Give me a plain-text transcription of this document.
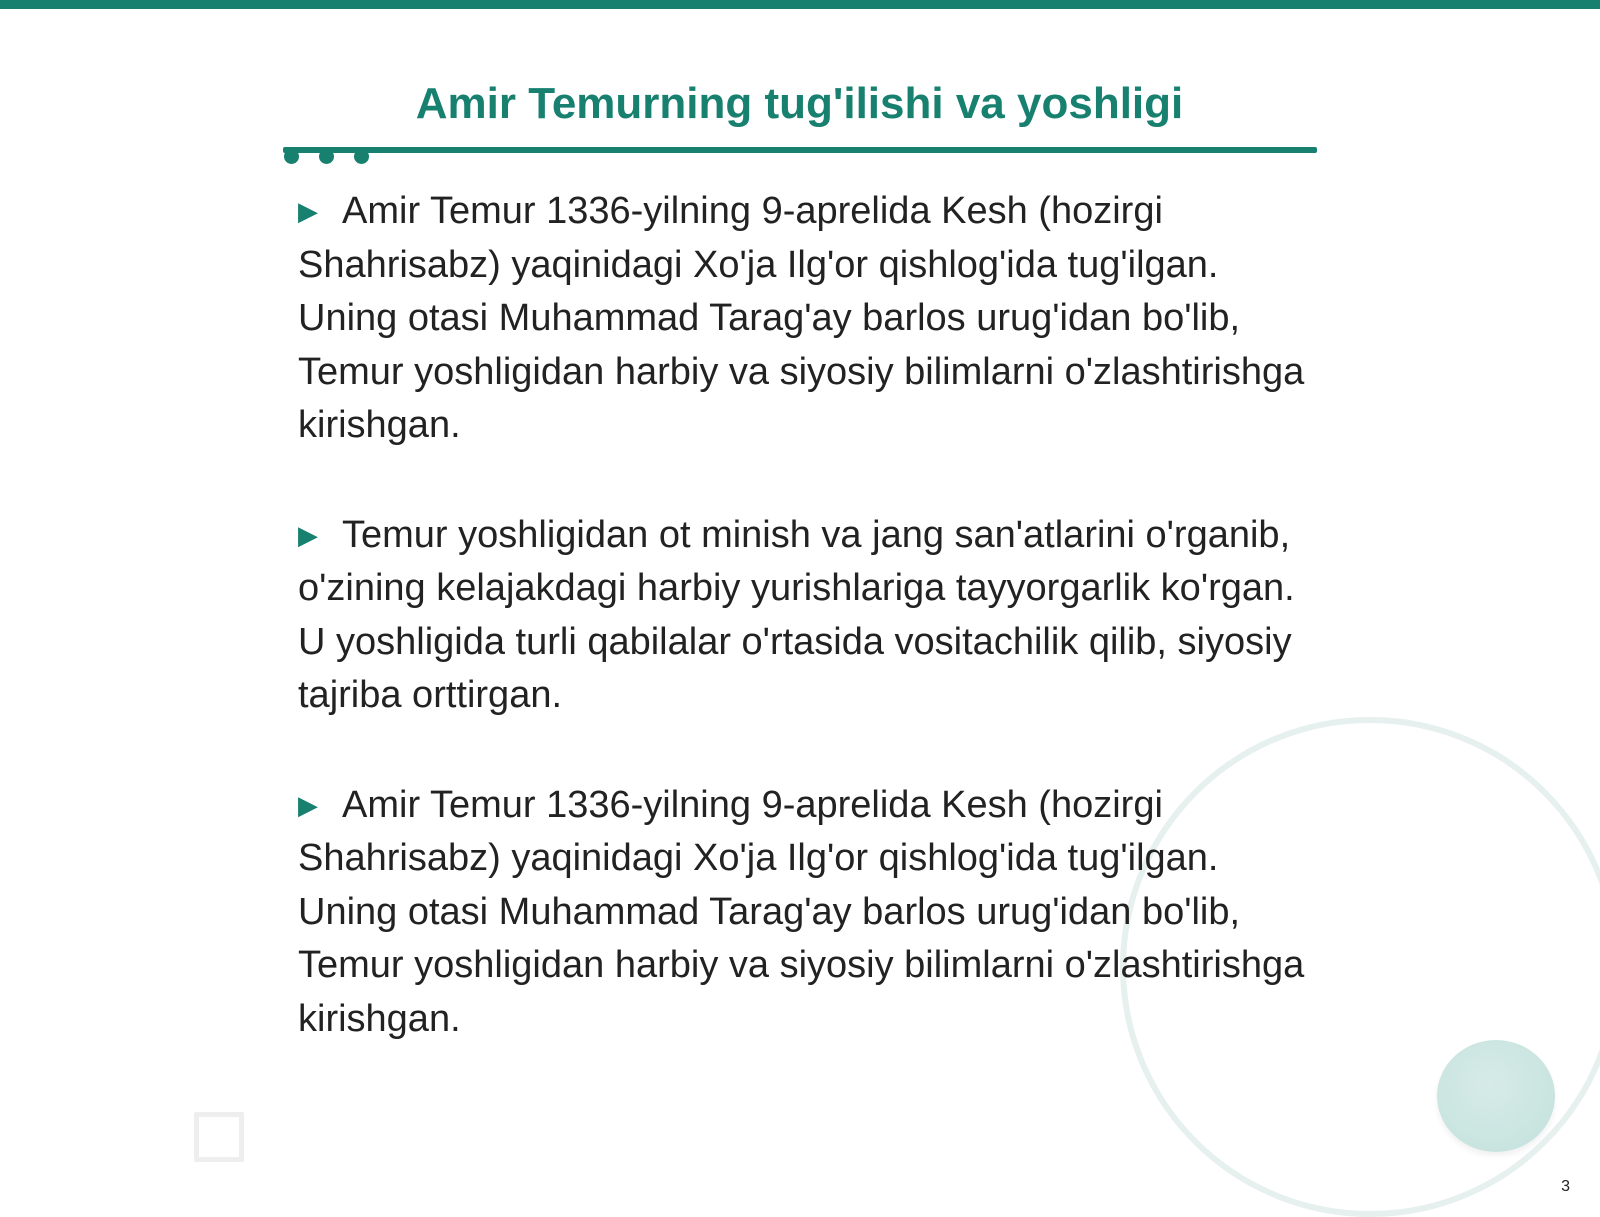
Amir Temurning tug'ilishi va yoshligi

▶ Amir Temur 1336-yilning 9-aprelida Kesh (hozirgi Shahrisabz) yaqinidagi Xo'ja Ilg'or qishlog'ida tug'ilgan. Uning otasi Muhammad Tarag'ay barlos urug'idan bo'lib, Temur yoshligidan harbiy va siyosiy bilimlarni o'zlashtirishga kirishgan.

▶ Temur yoshligidan ot minish va jang san'atlarini o'rganib, o'zining kelajakdagi harbiy yurishlariga tayyorgarlik ko'rgan. U yoshligida turli qabilalar o'rtasida vositachilik qilib, siyosiy tajriba orttirgan.

▶ Amir Temur 1336-yilning 9-aprelida Kesh (hozirgi Shahrisabz) yaqinidagi Xo'ja Ilg'or qishlog'ida tug'ilgan. Uning otasi Muhammad Tarag'ay barlos urug'idan bo'lib, Temur yoshligidan harbiy va siyosiy bilimlarni o'zlashtirishga kirishgan.

3
